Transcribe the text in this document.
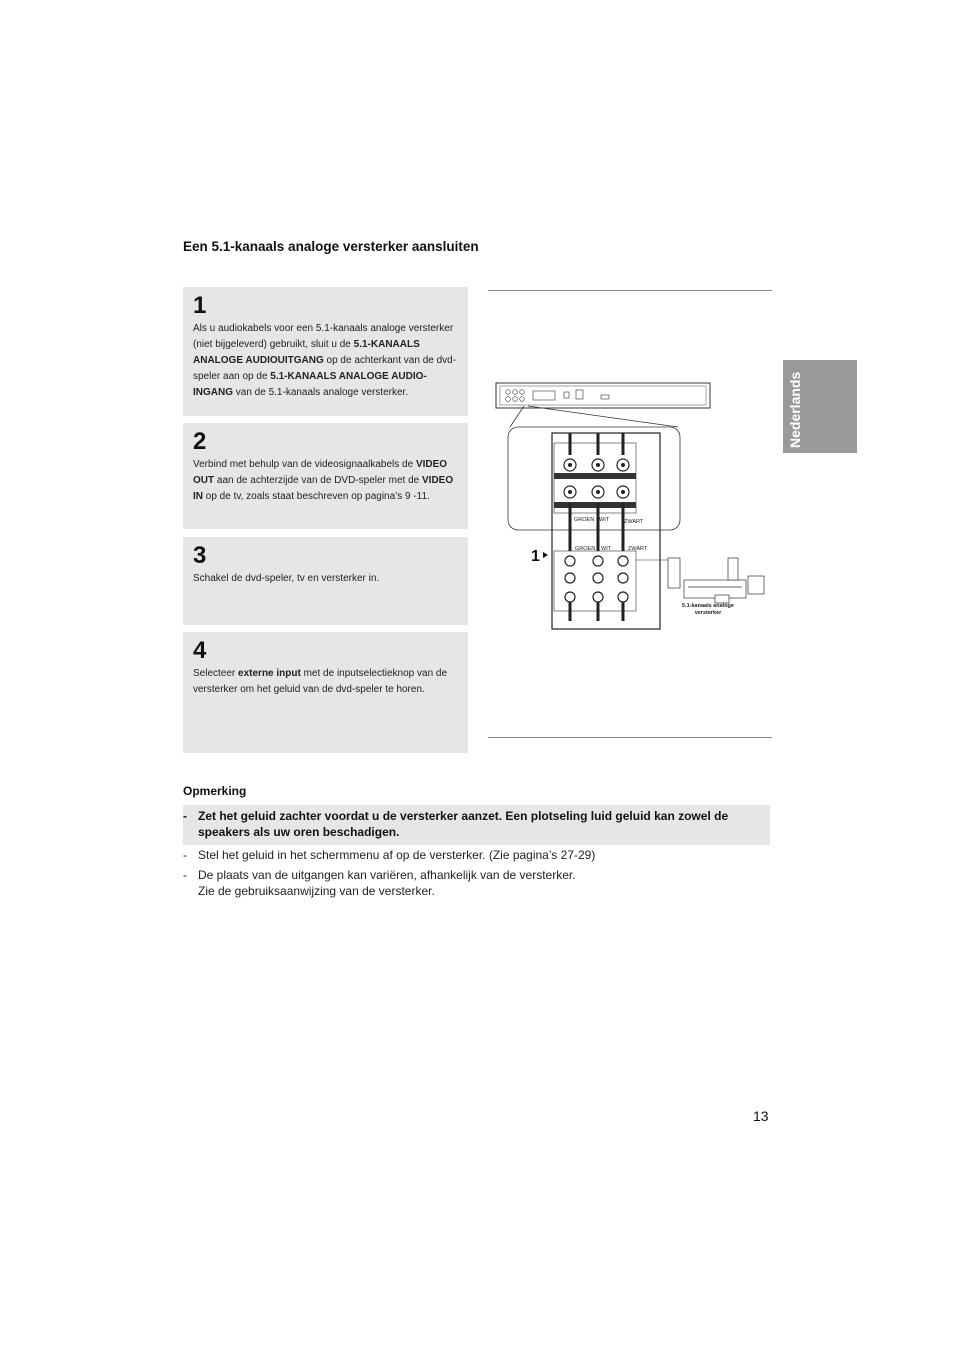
Een 5.1-kanaals analoge versterker aansluiten
1
Als u audiokabels voor een 5.1-kanaals analoge versterker (niet bijgeleverd) gebruikt, sluit u de 5.1-KANAALS ANALOGE AUDIOUITGANG op de achterkant van de dvd-speler aan op de 5.1-KANAALS ANALOGE AUDIO-INGANG van de 5.1-kanaals analoge versterker.
2
Verbind met behulp van de videosignaalkabels de VIDEO OUT aan de achterzijde van de DVD-speler met de VIDEO IN op de tv, zoals staat beschreven op pagina’s 9 -11.
3
Schakel de dvd-speler, tv en versterker in.
4
Selecteer externe input met de inputselectieknop van de versterker om het geluid van de dvd-speler te horen.
GROEN WIT	ZWART
1	GROEN WIT	ZWART
5.1-kanaals analoge
versterker
Nederlands
Opmerking
- Zet het geluid zachter voordat u de versterker aanzet. Een plotseling luid geluid kan zowel de speakers als uw oren beschadigen.
- Stel het geluid in het schermmenu af op de versterker. (Zie pagina’s 27-29)
- De plaats van de uitgangen kan variëren, afhankelijk van de versterker.
Zie de gebruiksaanwijzing van de versterker.
13
